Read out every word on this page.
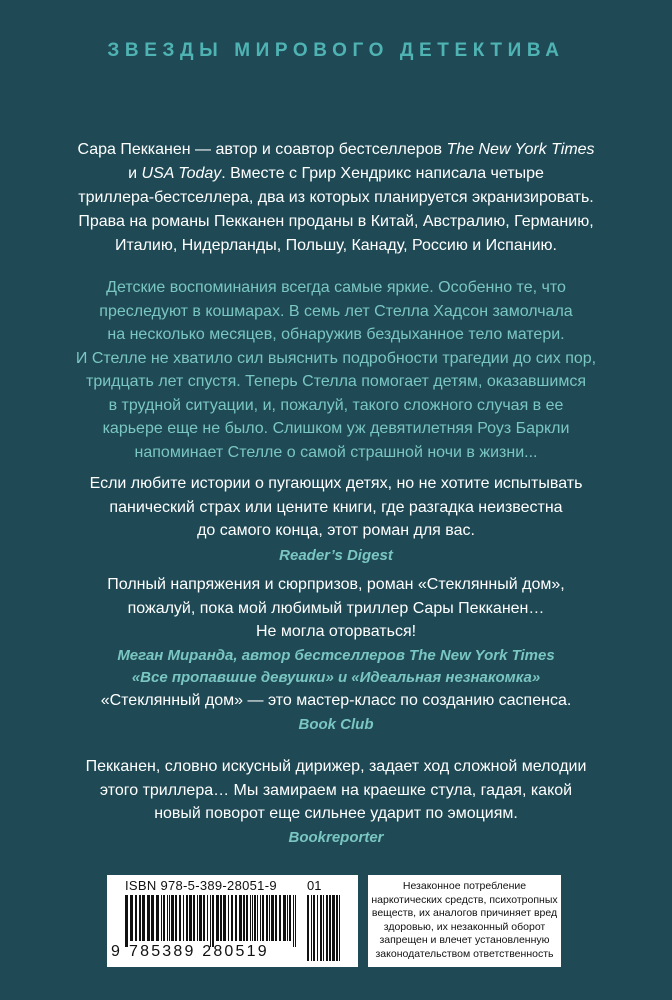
ЗВЕЗДЫ МИРОВОГО ДЕТЕКТИВА
Сара Пекканен — автор и соавтор бестселлеров The New York Times
и USA Today. Вместе с Грир Хендрикс написала четыре
триллера-бестселлера, два из которых планируется экранизировать.
Права на романы Пекканен проданы в Китай, Австралию, Германию,
Италию, Нидерланды, Польшу, Канаду, Россию и Испанию.
Детские воспоминания всегда самые яркие. Особенно те, что
преследуют в кошмарах. В семь лет Стелла Хадсон замолчала
на несколько месяцев, обнаружив бездыханное тело матери.
И Стелле не хватило сил выяснить подробности трагедии до сих пор,
тридцать лет спустя. Теперь Стелла помогает детям, оказавшимся
в трудной ситуации, и, пожалуй, такого сложного случая в ее
карьере еще не было. Слишком уж девятилетняя Роуз Баркли
напоминает Стелле о самой страшной ночи в жизни...
Если любите истории о пугающих детях, но не хотите испытывать
панический страх или цените книги, где разгадка неизвестна
до самого конца, этот роман для вас.
Reader’s Digest
Полный напряжения и сюрпризов, роман «Стеклянный дом»,
пожалуй, пока мой любимый триллер Сары Пекканен…
Не могла оторваться!
Меган Миранда, автор бестселлеров The New York Times
«Все пропавшие девушки» и «Идеальная незнакомка»
«Стеклянный дом» — это мастер-класс по созданию саспенса.
Book Club
Пекканен, словно искусный дирижер, задает ход сложной мелодии
этого триллера… Мы замираем на краешке стула, гадая, какой
новый поворот еще сильнее ударит по эмоциям.
Bookreporter
ISBN 978-5-389-28051-9 01
9 785389 280519
Незаконное потребление
наркотических средств, психотропных
веществ, их аналогов причиняет вред
здоровью, их незаконный оборот
запрещен и влечет установленную
законодательством ответственность
